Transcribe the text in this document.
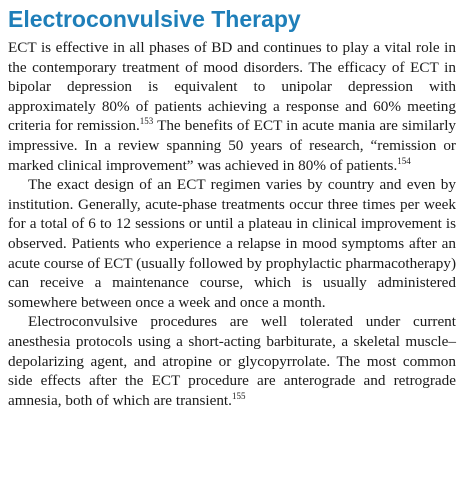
Electroconvulsive Therapy

ECT is effective in all phases of BD and continues to play a vital role in the contemporary treatment of mood disorders. The efficacy of ECT in bipolar depression is equivalent to unipolar depression with approximately 80% of patients achieving a response and 60% meeting criteria for remission.$^{153}$ The benefits of ECT in acute mania are similarly impressive. In a review spanning 50 years of research, “remission or marked clinical improvement” was achieved in 80% of patients.$^{154}$

The exact design of an ECT regimen varies by country and even by institution. Generally, acute-phase treatments occur three times per week for a total of 6 to 12 sessions or until a plateau in clinical improvement is observed. Patients who experience a relapse in mood symptoms after an acute course of ECT (usually followed by prophylactic pharmacotherapy) can receive a maintenance course, which is usually administered somewhere between once a week and once a month.

Electroconvulsive procedures are well tolerated under current anesthesia protocols using a short-acting barbiturate, a skeletal muscle–depolarizing agent, and atropine or glycopyrrolate. The most common side effects after the ECT procedure are anterograde and retrograde amnesia, both of which are transient.$^{155}$
